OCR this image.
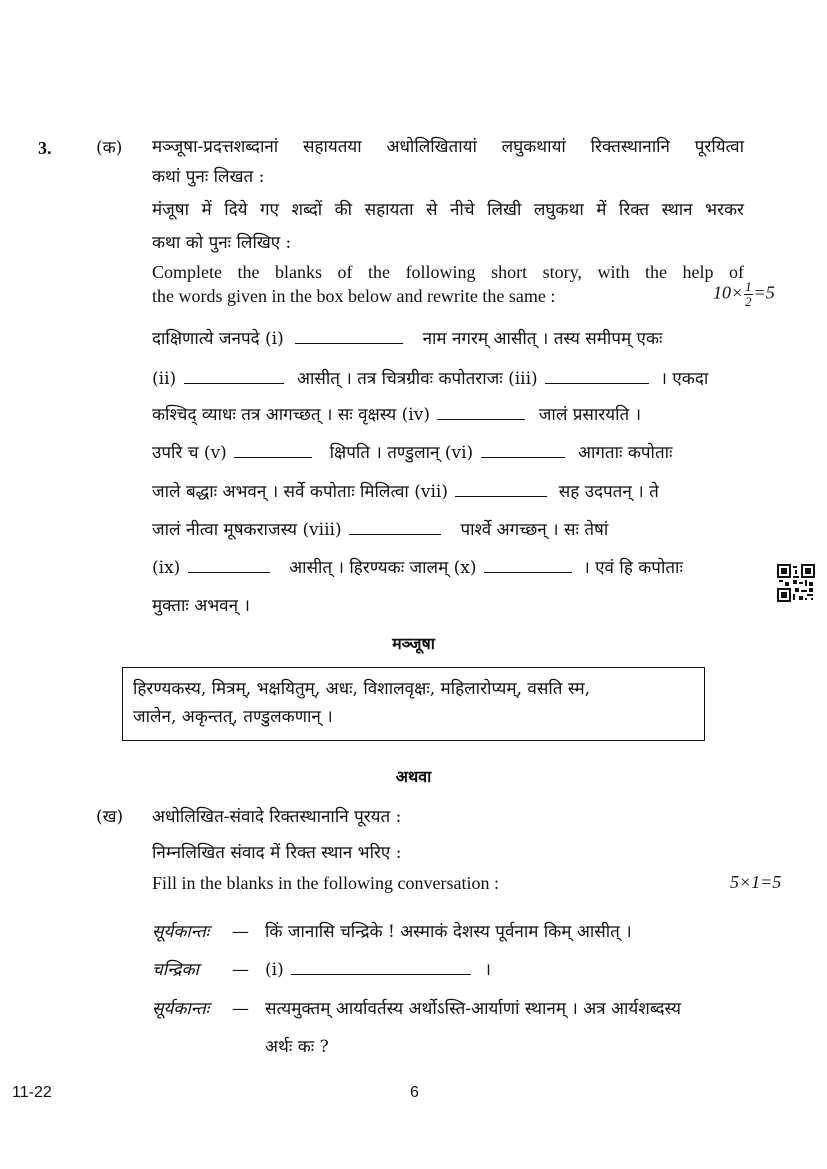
3.	(क) मञ्जूषा-प्रदत्तशब्दानां सहायतया अधोलिखितायां लघुकथायां रिक्तस्थानानि पूरयित्वा
कथां पुनः लिखत :
मंजूषा में दिये गए शब्दों की सहायता से नीचे लिखी लघुकथा में रिक्त स्थान भरकर
कथा को पुनः लिखिए :
Complete the blanks of the following short story, with the help of
the words given in the box below and rewrite the same :	$10\times \frac{1}{2} =5$
दाक्षिणात्ये जनपदे (i)	नाम नगरम् आसीत् । तस्य समीपम् एकः
(ii)	आसीत् । तत्र चित्रग्रीवः कपोतराजः (iii)	। एकदा
कश्चिद् व्याधः तत्र आगच्छत् । सः वृक्षस्य (iv)	जालं प्रसारयति ।
उपरि च (v)	क्षिपति । तण्डुलान् (vi)	आगताः कपोताः
जाले बद्धाः अभवन् । सर्वे कपोताः मिलित्वा (vii)	सह उदपतन् । ते
जालं नीत्वा मूषकराजस्य (viii)	पार्श्वे अगच्छन् । सः तेषां
(ix)	आसीत् । हिरण्यकः जालम् (x)	। एवं हि कपोताः
मुक्ताः अभवन् ।
मञ्जूषा
हिरण्यकस्य, मित्रम्, भक्षयितुम्, अधः, विशालवृक्षः, महिलारोप्यम्, वसति स्म,
जालेन, अकृन्तत्, तण्डुलकणान् ।
अथवा
(ख) अधोलिखित-संवादे रिक्तस्थानानि पूरयत :
निम्नलिखित संवाद में रिक्त स्थान भरिए :
Fill in the blanks in the following conversation :	5×1=5
सूर्यकान्तः — किं जानासि चन्द्रिके ! अस्माकं देशस्य पूर्वनाम किम् आसीत् ।
चन्द्रिका — (i)	।
सूर्यकान्तः — सत्यमुक्तम् आर्यावर्तस्य अर्थोऽस्ति-आर्याणां स्थानम् । अत्र आर्यशब्दस्य
अर्थः कः ?
11-22	6
